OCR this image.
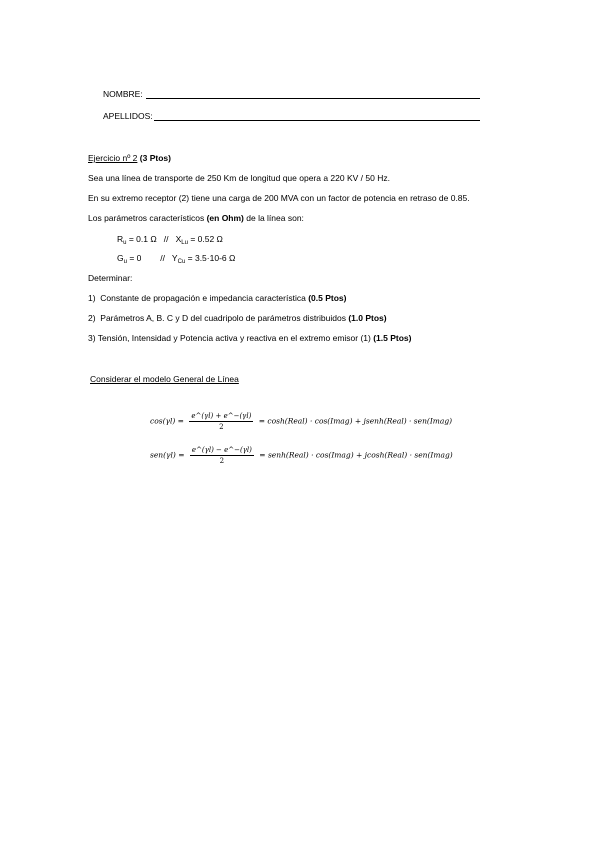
NOMBRE:
APELLIDOS:
Ejercicio nº 2 (3 Ptos)
Sea una línea de transporte de 250 Km de longitud que opera a 220 KV / 50 Hz.
En su extremo receptor (2) tiene una carga de 200 MVA con un factor de potencia en retraso de 0.85.
Los parámetros característicos (en Ohm) de la línea son:
$R_u = 0.1$ $\Omega // X_{Lu} = 0.52$ Ω
$G_u = 0$        //   $Y_{Cu} = 3.5\cdot 10-6$ Ω
Determinar:
1)  Constante de propagación e impedancia característica (0.5 Ptos)
2)  Parámetros A, B. C y D del cuadripolo de parámetros distribuidos (1.0 Ptos)
3) Tensión, Intensidad y Potencia activa y reactiva en el extremo emisor (1) (1.5 Ptos)
Considerar el modelo General de Línea
$\cos(\gamma l) = \frac{e\^{}(\gamma l) + e\^{}-(\gamma l)}{2}$ = cosh(Real) · cos(Imag) + jsenh(Real) · sen(Imag)
$sen(\gamma l) = \frac{e\^{}(\gamma l) - e\^{}-(\gamma l)}{2}$ = senh(Real) · cos(Imag) + jcosh(Real) · sen(Imag)
